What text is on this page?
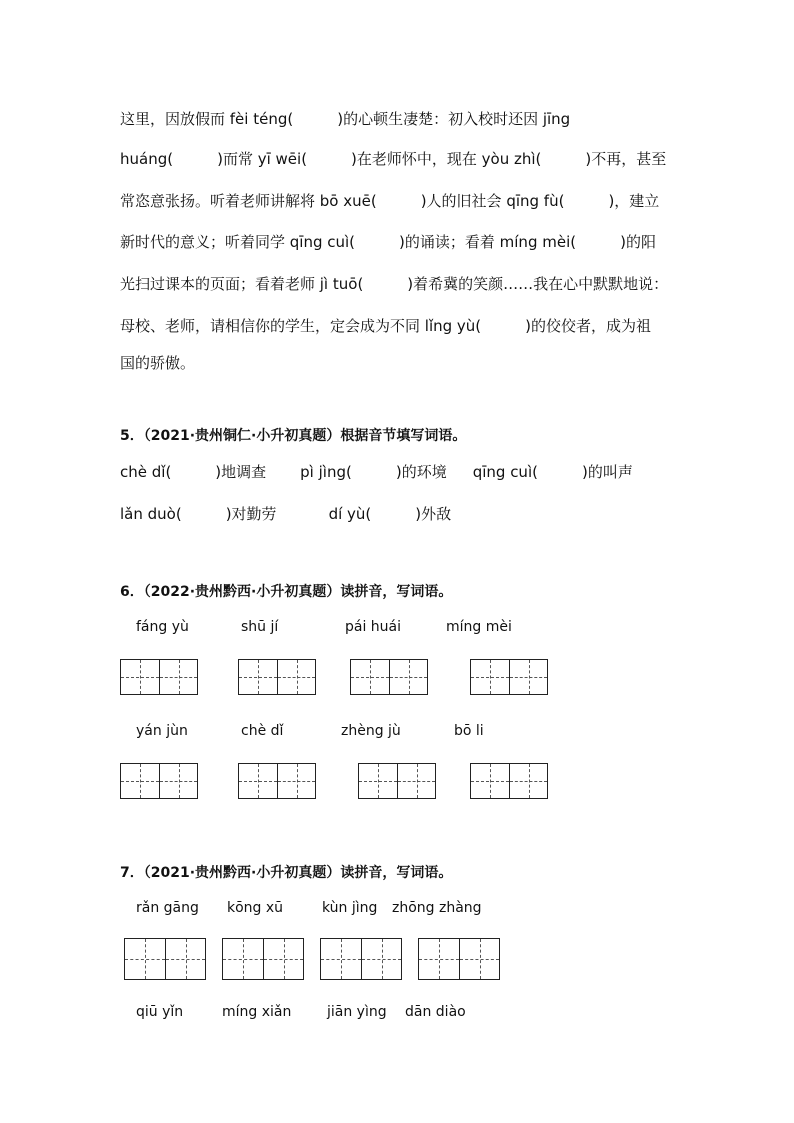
这里，因放假而 fèi téng(	)的心顿生凄楚：初入校时还因 jīng
huáng(	)而常 yī wēi(	)在老师怀中，现在 yòu zhì(	)不再，甚至
常恣意张扬。听着老师讲解将 bō xuē(	)人的旧社会 qīng fù(	)，建立
新时代的意义；听着同学 qīng cuì(	)的诵读；看着 míng mèi(	)的阳
光扫过课本的页面；看着老师 jì tuō(	)着希冀的笑颜……我在心中默默地说：
母校、老师，请相信你的学生，定会成为不同 lǐng yù(	)的佼佼者，成为祖
国的骄傲。
5．（2021·贵州铜仁·小升初真题）根据音节填写词语。
chè dǐ(	)地调查 pì jìng(	)的环境 qīng cuì(	)的叫声
lǎn duò(	)对勤劳	dí yù(	)外敌
6．（2022·贵州黔西·小升初真题）读拼音，写词语。
fáng yù	shū jí	pái huái	míng mèi
yán jùn	chè dǐ	zhèng jù	bō li
7．（2021·贵州黔西·小升初真题）读拼音，写词语。
rǎn gāng kōng xū	kùn jìng zhōng zhàng
qiū yǐn	míng xiǎn	jiān yìng dān diào
